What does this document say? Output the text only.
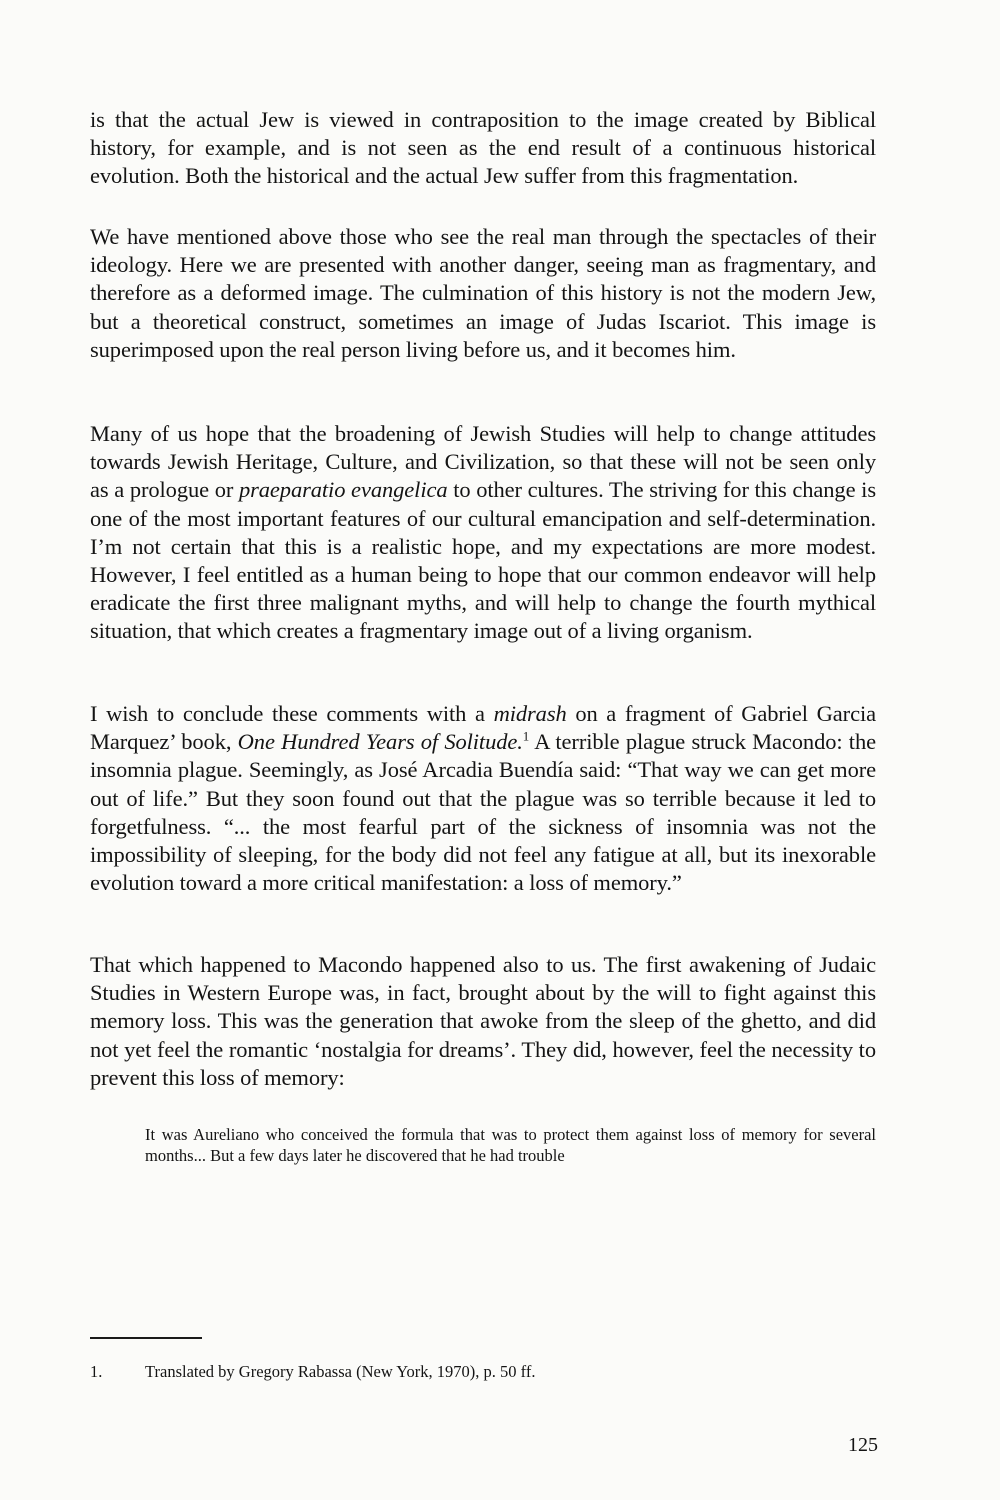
is that the actual Jew is viewed in contraposition to the image created by Biblical history, for example, and is not seen as the end result of a continuous historical evolution. Both the historical and the actual Jew suffer from this fragmentation.

We have mentioned above those who see the real man through the spectacles of their ideology. Here we are presented with another danger, seeing man as fragmentary, and therefore as a deformed image. The culmination of this history is not the modern Jew, but a theoretical construct, sometimes an image of Judas Iscariot. This image is superimposed upon the real person living before us, and it becomes him.

Many of us hope that the broadening of Jewish Studies will help to change attitudes towards Jewish Heritage, Culture, and Civilization, so that these will not be seen only as a prologue or praeparatio evangelica to other cultures. The striving for this change is one of the most important features of our cultural emancipation and self-determination. I’m not certain that this is a realistic hope, and my expectations are more modest. However, I feel entitled as a human being to hope that our common endeavor will help eradicate the first three malignant myths, and will help to change the fourth mythical situation, that which creates a fragmentary image out of a living organism.

I wish to conclude these comments with a midrash on a fragment of Gabriel Garcia Marquez’ book, One Hundred Years of Solitude.$^1$ A terrible plague struck Macondo: the insomnia plague. Seemingly, as José Arcadia Buendía said: “That way we can get more out of life.” But they soon found out that the plague was so terrible because it led to forgetfulness. “... the most fearful part of the sickness of insomnia was not the impossibility of sleeping, for the body did not feel any fatigue at all, but its inexorable evolution toward a more critical manifestation: a loss of memory.”

That which happened to Macondo happened also to us. The first awakening of Judaic Studies in Western Europe was, in fact, brought about by the will to fight against this memory loss. This was the generation that awoke from the sleep of the ghetto, and did not yet feel the romantic ‘nostalgia for dreams’. They did, however, feel the necessity to prevent this loss of memory:

It was Aureliano who conceived the formula that was to protect them against loss of memory for several months... But a few days later he discovered that he had trouble

1.	Translated by Gregory Rabassa (New York, 1970), p. 50 ff.
125
